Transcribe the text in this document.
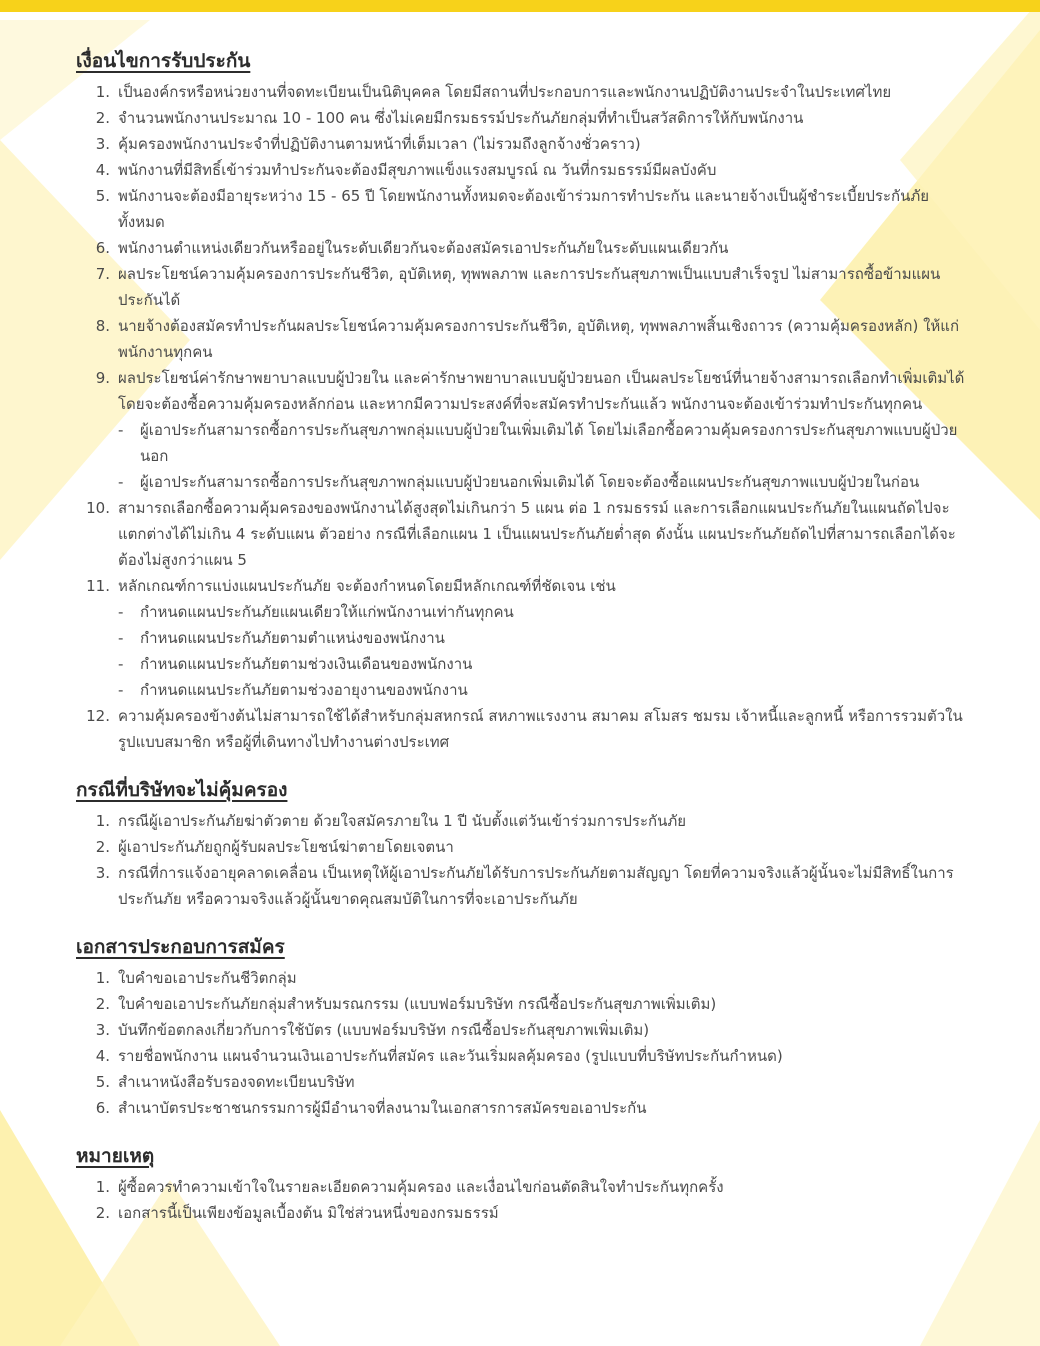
เงื่อนไขการรับประกัน
1. เป็นองค์กรหรือหน่วยงานที่จดทะเบียนเป็นนิติบุคคล โดยมีสถานที่ประกอบการและพนักงานปฏิบัติงานประจำในประเทศไทย
2. จำนวนพนักงานประมาณ 10 - 100 คน ซึ่งไม่เคยมีกรมธรรม์ประกันภัยกลุ่มที่ทำเป็นสวัสดิการให้กับพนักงาน
3. คุ้มครองพนักงานประจำที่ปฏิบัติงานตามหน้าที่เต็มเวลา (ไม่รวมถึงลูกจ้างชั่วคราว)
4. พนักงานที่มีสิทธิ์เข้าร่วมทำประกันจะต้องมีสุขภาพแข็งแรงสมบูรณ์ ณ วันที่กรมธรรม์มีผลบังคับ
5. พนักงานจะต้องมีอายุระหว่าง 15 - 65 ปี โดยพนักงานทั้งหมดจะต้องเข้าร่วมการทำประกัน และนายจ้างเป็นผู้ชำระเบี้ยประกันภัยทั้งหมด
6. พนักงานตำแหน่งเดียวกันหรืออยู่ในระดับเดียวกันจะต้องสมัครเอาประกันภัยในระดับแผนเดียวกัน
7. ผลประโยชน์ความคุ้มครองการประกันชีวิต, อุบัติเหตุ, ทุพพลภาพ และการประกันสุขภาพเป็นแบบสำเร็จรูป ไม่สามารถซื้อข้ามแผนประกันได้
8. นายจ้างต้องสมัครทำประกันผลประโยชน์ความคุ้มครองการประกันชีวิต, อุบัติเหตุ, ทุพพลภาพสิ้นเชิงถาวร (ความคุ้มครองหลัก) ให้แก่พนักงานทุกคน
9. ผลประโยชน์ค่ารักษาพยาบาลแบบผู้ป่วยใน และค่ารักษาพยาบาลแบบผู้ป่วยนอก เป็นผลประโยชน์ที่นายจ้างสามารถเลือกทำเพิ่มเติมได้ โดยจะต้องซื้อความคุ้มครองหลักก่อน และหากมีความประสงค์ที่จะสมัครทำประกันแล้ว พนักงานจะต้องเข้าร่วมทำประกันทุกคน
- ผู้เอาประกันสามารถซื้อการประกันสุขภาพกลุ่มแบบผู้ป่วยในเพิ่มเติมได้ โดยไม่เลือกซื้อความคุ้มครองการประกันสุขภาพแบบผู้ป่วยนอก
- ผู้เอาประกันสามารถซื้อการประกันสุขภาพกลุ่มแบบผู้ป่วยนอกเพิ่มเติมได้ โดยจะต้องซื้อแผนประกันสุขภาพแบบผู้ป่วยในก่อน
10. สามารถเลือกซื้อความคุ้มครองของพนักงานได้สูงสุดไม่เกินกว่า 5 แผน ต่อ 1 กรมธรรม์ และการเลือกแผนประกันภัยในแผนถัดไปจะแตกต่างได้ไม่เกิน 4 ระดับแผน ตัวอย่าง กรณีที่เลือกแผน 1 เป็นแผนประกันภัยต่ำสุด ดังนั้น แผนประกันภัยถัดไปที่สามารถเลือกได้จะต้องไม่สูงกว่าแผน 5
11. หลักเกณฑ์การแบ่งแผนประกันภัย จะต้องกำหนดโดยมีหลักเกณฑ์ที่ชัดเจน เช่น
- กำหนดแผนประกันภัยแผนเดียวให้แก่พนักงานเท่ากันทุกคน
- กำหนดแผนประกันภัยตามตำแหน่งของพนักงาน
- กำหนดแผนประกันภัยตามช่วงเงินเดือนของพนักงาน
- กำหนดแผนประกันภัยตามช่วงอายุงานของพนักงาน
12. ความคุ้มครองข้างต้นไม่สามารถใช้ได้สำหรับกลุ่มสหกรณ์ สหภาพแรงงาน สมาคม สโมสร ชมรม เจ้าหนี้และลูกหนี้ หรือการรวมตัวในรูปแบบสมาชิก หรือผู้ที่เดินทางไปทำงานต่างประเทศ
กรณีที่บริษัทจะไม่คุ้มครอง
1. กรณีผู้เอาประกันภัยฆ่าตัวตาย ด้วยใจสมัครภายใน 1 ปี นับตั้งแต่วันเข้าร่วมการประกันภัย
2. ผู้เอาประกันภัยถูกผู้รับผลประโยชน์ฆ่าตายโดยเจตนา
3. กรณีที่การแจ้งอายุคลาดเคลื่อน เป็นเหตุให้ผู้เอาประกันภัยได้รับการประกันภัยตามสัญญา โดยที่ความจริงแล้วผู้นั้นจะไม่มีสิทธิ์ในการประกันภัย หรือความจริงแล้วผู้นั้นขาดคุณสมบัติในการที่จะเอาประกันภัย
เอกสารประกอบการสมัคร
1. ใบคำขอเอาประกันชีวิตกลุ่ม
2. ใบคำขอเอาประกันภัยกลุ่มสำหรับมรณกรรม (แบบฟอร์มบริษัท กรณีซื้อประกันสุขภาพเพิ่มเติม)
3. บันทึกข้อตกลงเกี่ยวกับการใช้บัตร (แบบฟอร์มบริษัท กรณีซื้อประกันสุขภาพเพิ่มเติม)
4. รายชื่อพนักงาน แผนจำนวนเงินเอาประกันที่สมัคร และวันเริ่มผลคุ้มครอง (รูปแบบที่บริษัทประกันกำหนด)
5. สำเนาหนังสือรับรองจดทะเบียนบริษัท
6. สำเนาบัตรประชาชนกรรมการผู้มีอำนาจที่ลงนามในเอกสารการสมัครขอเอาประกัน
หมายเหตุ
1. ผู้ซื้อควรทำความเข้าใจในรายละเอียดความคุ้มครอง และเงื่อนไขก่อนตัดสินใจทำประกันทุกครั้ง
2. เอกสารนี้เป็นเพียงข้อมูลเบื้องต้น มิใช่ส่วนหนึ่งของกรมธรรม์
